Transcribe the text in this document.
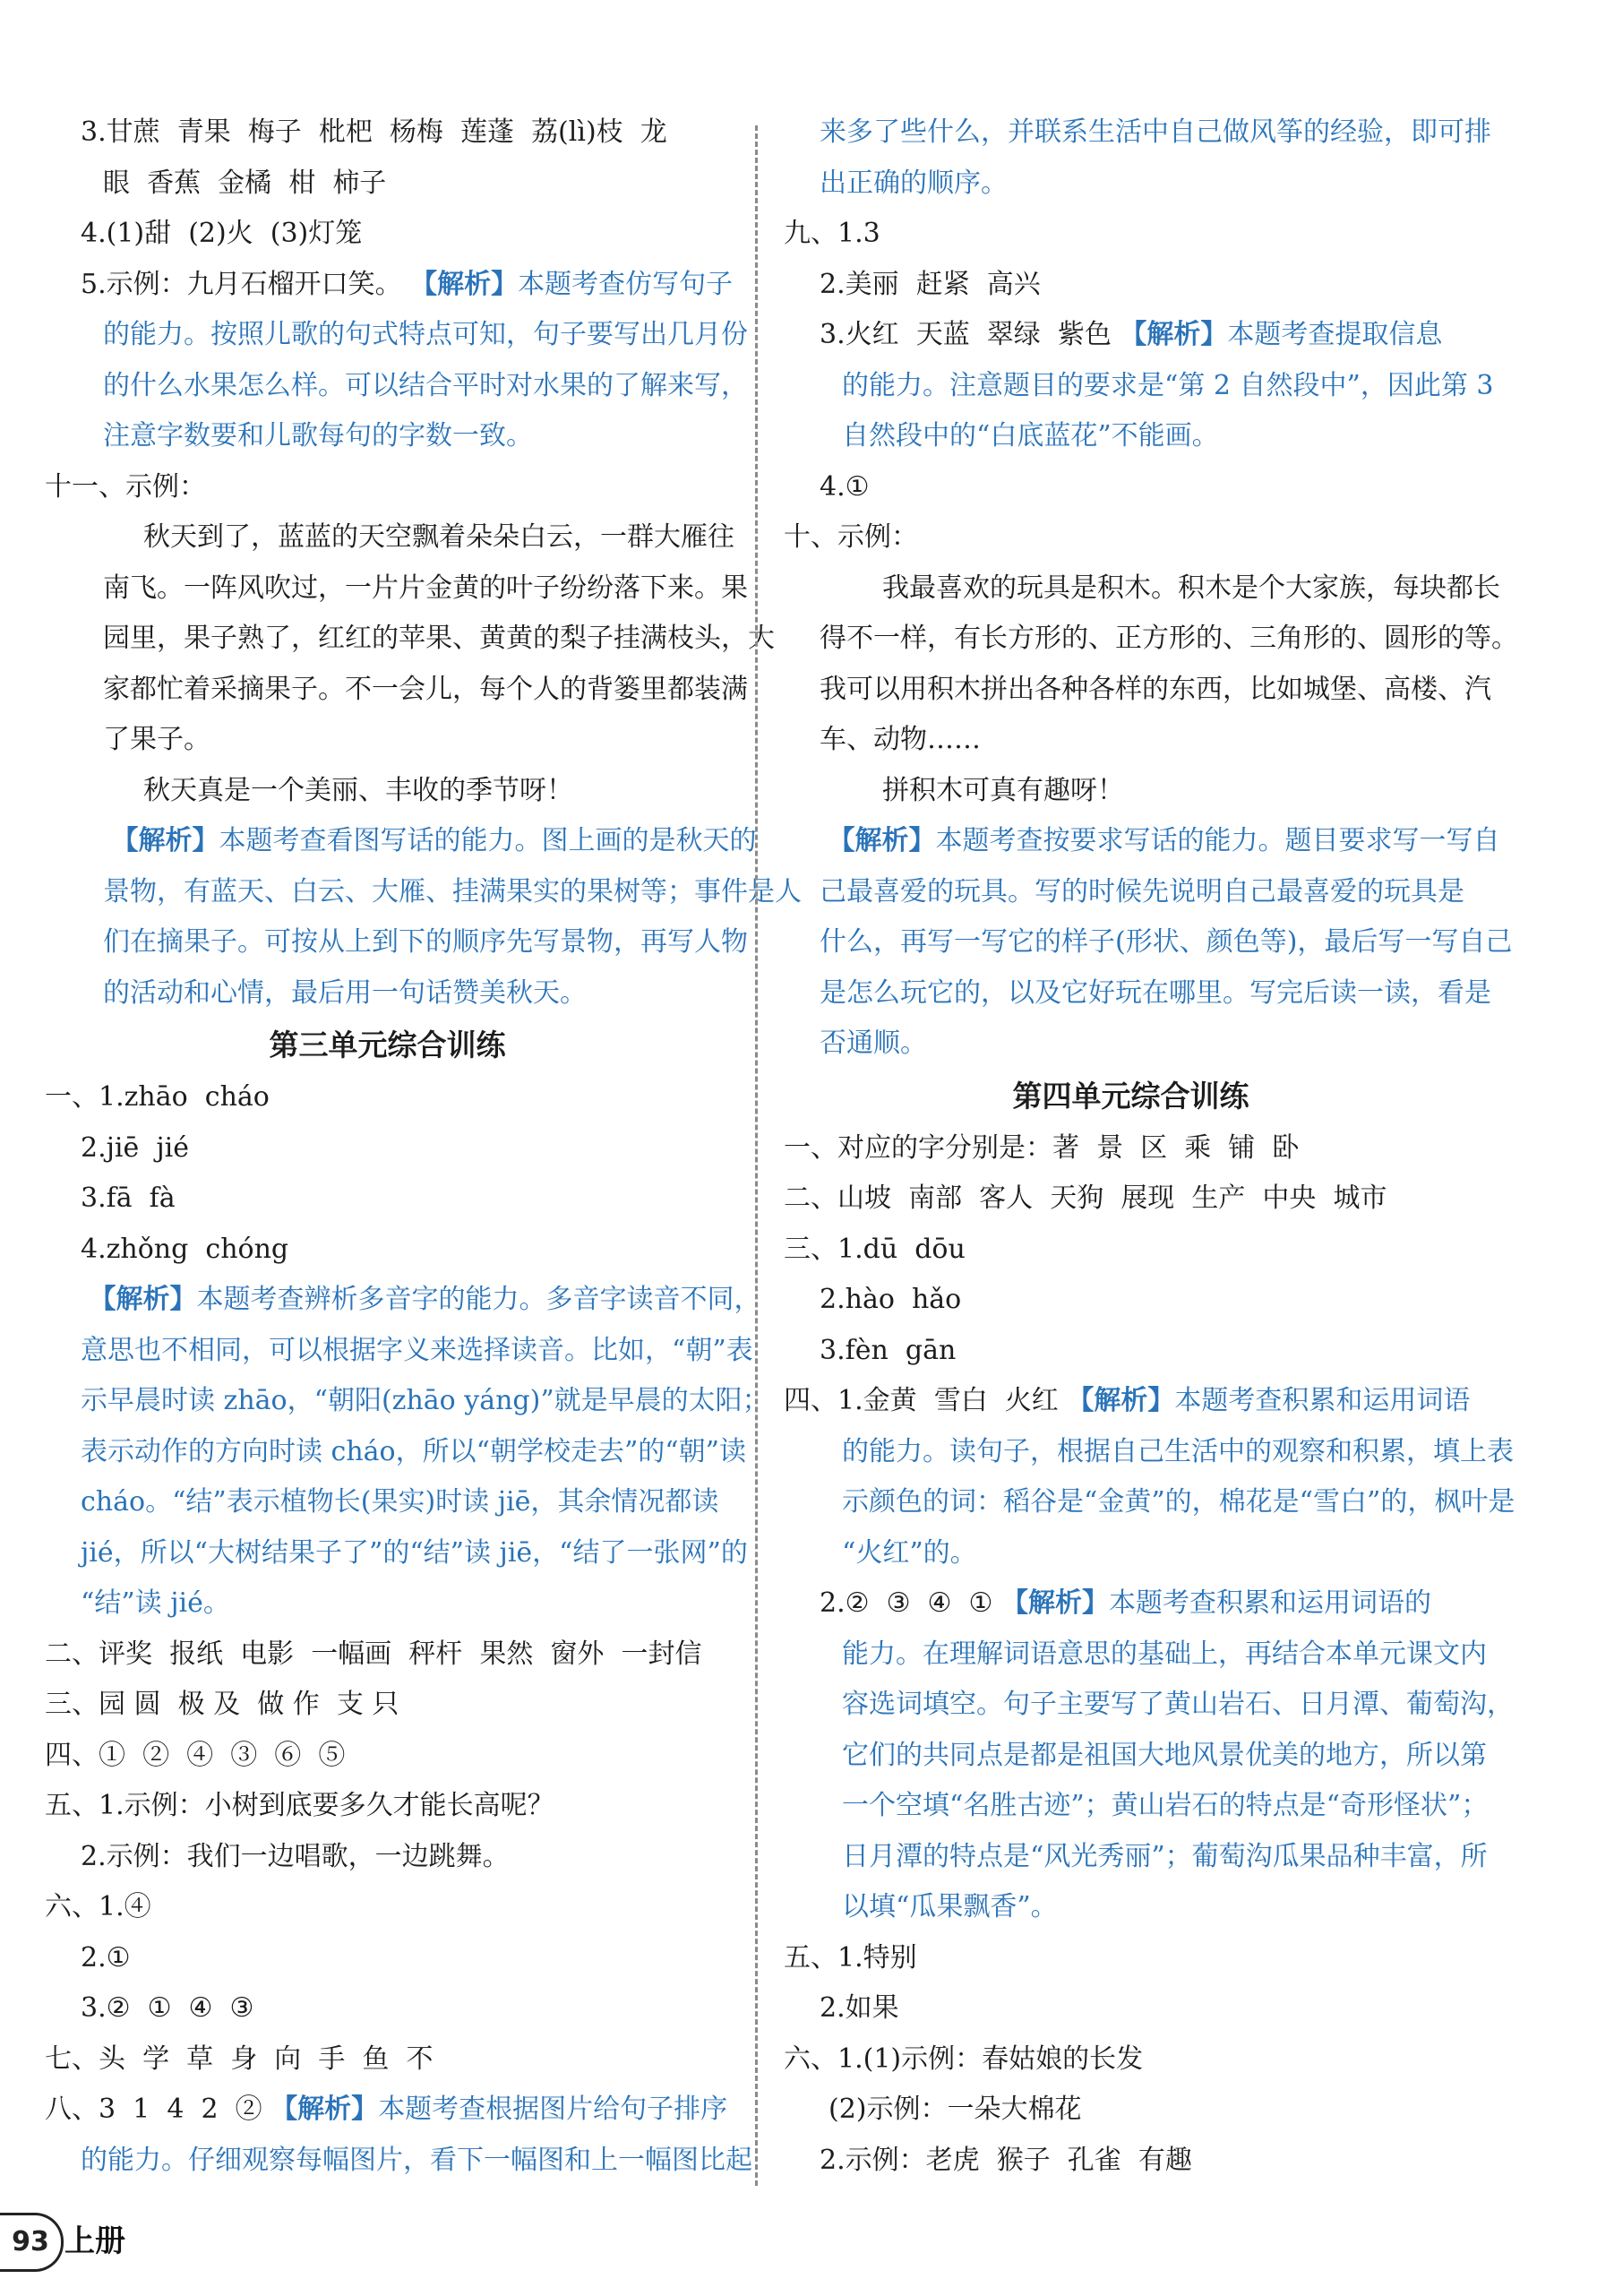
3.甘蔗  青果  梅子  枇杷  杨梅  莲蓬  荔(lì)枝  龙
眼  香蕉  金橘  柑  柿子
4.(1)甜  (2)火  (3)灯笼
5.示例：九月石榴开口笑。 【解析】本题考查仿写句子
的能力。按照儿歌的句式特点可知，句子要写出几月份
的什么水果怎么样。可以结合平时对水果的了解来写，
注意字数要和儿歌每句的字数一致。
十一、示例：
秋天到了，蓝蓝的天空飘着朵朵白云，一群大雁往
南飞。一阵风吹过，一片片金黄的叶子纷纷落下来。果
园里，果子熟了，红红的苹果、黄黄的梨子挂满枝头，大
家都忙着采摘果子。不一会儿，每个人的背篓里都装满
了果子。
秋天真是一个美丽、丰收的季节呀！
【解析】本题考查看图写话的能力。图上画的是秋天的
景物，有蓝天、白云、大雁、挂满果实的果树等；事件是人
们在摘果子。可按从上到下的顺序先写景物，再写人物
的活动和心情，最后用一句话赞美秋天。
第三单元综合训练
一、1.zhāo  cháo
2.jiē  jié
3.fā  fà
4.zhǒng  chóng
【解析】本题考查辨析多音字的能力。多音字读音不同，
意思也不相同，可以根据字义来选择读音。比如，“朝”表
示早晨时读 zhāo，“朝阳(zhāo yáng)”就是早晨的太阳；
表示动作的方向时读 cháo，所以“朝学校走去”的“朝”读
cháo。“结”表示植物长(果实)时读 jiē，其余情况都读
jié，所以“大树结果子了”的“结”读 jiē，“结了一张网”的
“结”读 jié。
二、评奖  报纸  电影  一幅画  秤杆  果然  窗外  一封信
三、园 圆  极 及  做 作  支 只
四、①  ②  ④  ③  ⑥  ⑤
五、1.示例：小树到底要多久才能长高呢？
2.示例：我们一边唱歌，一边跳舞。
六、1.④
2.①
3.②  ①  ④  ③
七、头  学  草  身  向  手  鱼  不
八、3  1  4  2  ② 【解析】本题考查根据图片给句子排序
的能力。仔细观察每幅图片，看下一幅图和上一幅图比起
来多了些什么，并联系生活中自己做风筝的经验，即可排
出正确的顺序。
九、1.3
2.美丽  赶紧  高兴
3.火红  天蓝  翠绿  紫色 【解析】本题考查提取信息
的能力。注意题目的要求是“第 2 自然段中”，因此第 3
自然段中的“白底蓝花”不能画。
4.①
十、示例：
我最喜欢的玩具是积木。积木是个大家族，每块都长
得不一样，有长方形的、正方形的、三角形的、圆形的等。
我可以用积木拼出各种各样的东西，比如城堡、高楼、汽
车、动物……
拼积木可真有趣呀！
【解析】本题考查按要求写话的能力。题目要求写一写自
己最喜爱的玩具。写的时候先说明自己最喜爱的玩具是
什么，再写一写它的样子(形状、颜色等)，最后写一写自己
是怎么玩它的，以及它好玩在哪里。写完后读一读，看是
否通顺。
第四单元综合训练
一、对应的字分别是：著  景  区  乘  铺  卧
二、山坡  南部  客人  天狗  展现  生产  中央  城市
三、1.dū  dōu
2.hào  hǎo
3.fèn  gān
四、1.金黄  雪白  火红 【解析】本题考查积累和运用词语
的能力。读句子，根据自己生活中的观察和积累，填上表
示颜色的词：稻谷是“金黄”的，棉花是“雪白”的，枫叶是
“火红”的。
2.②  ③  ④  ① 【解析】本题考查积累和运用词语的
能力。在理解词语意思的基础上，再结合本单元课文内
容选词填空。句子主要写了黄山岩石、日月潭、葡萄沟，
它们的共同点是都是祖国大地风景优美的地方，所以第
一个空填“名胜古迹”；黄山岩石的特点是“奇形怪状”；
日月潭的特点是“风光秀丽”；葡萄沟瓜果品种丰富，所
以填“瓜果飘香”。
五、1.特别
2.如果
六、1.(1)示例：春姑娘的长发
(2)示例：一朵大棉花
2.示例：老虎  猴子  孔雀  有趣
93 上册
